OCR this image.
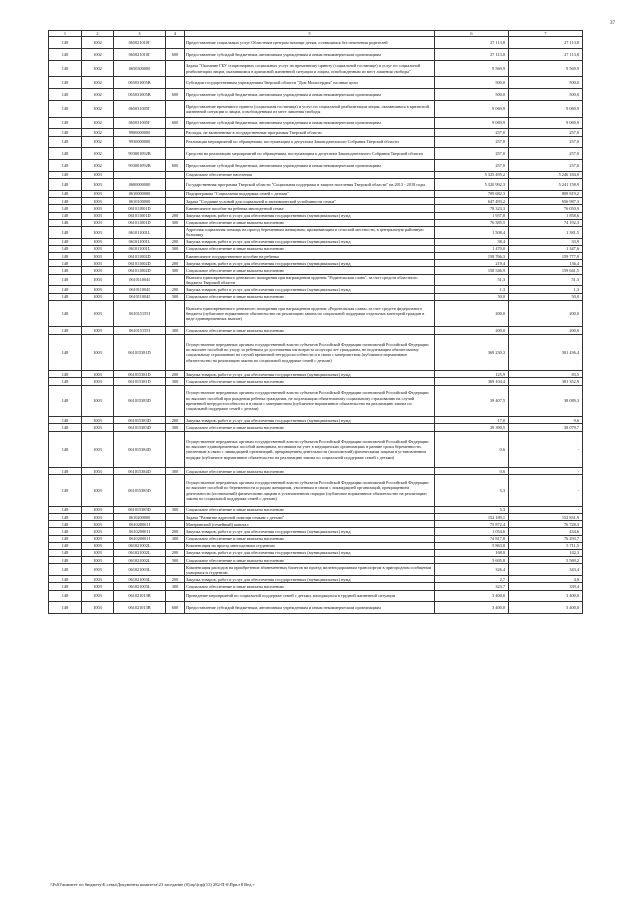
37
1	2	3	4	5	6	7
148	1002	065021010Г		Предоставление социальных услуг Областным центром помощи детям, оставшимся без попечения родителей	27 113,8	27 113,8
148	1002	065021010Г	600	Предоставление субсидий бюджетным, автономным учреждениям и иным некоммерческим организациям	27 113,8	27 113,8
148	1002	0650300000		Задача "Оказание ГБУ стационарных социальных услуг по временному приюту (социальной гостинице) и услуг по социальной реабилитации лицам, оказавшимся в кризисной жизненной ситуации и лицам, освобожденным из мест лишения свободы"	9 569,9	9 569,9
148	1002	065031005В		Субсидии государственным учреждениям Тверской области "Дом Милосердия" на иные цели	500,0	500,0
148	1002	065031005В	600	Предоставление субсидий бюджетным, автономным учреждениям и иным некоммерческим организациям	500,0	500,0
148	1002	065031005Г		Предоставление временного приюта (социальная гостиница) и услуг по социальной реабилитации лицам, оказавшимся в кризисной жизненной ситуации и лицам, освобожденным из мест лишения свободы	9 069,9	9 069,9
148	1002	065031005Г	600	Предоставление субсидий бюджетным, автономным учреждениям и иным некоммерческим организациям	9 069,9	9 069,9
148	1002	9900000000		Расходы, не включенные в государственные программы Тверской области	257,0	257,0
148	1002	9930000000		Реализация мероприятий по обращениям, поступающим к депутатам Законодательного Собрания Тверской области	257,0	257,0
148	1002	993001092В		Средства на реализацию мероприятий по обращениям, поступающим к депутатам Законодательного Собрания Тверской области	257,0	257,0
148	1002	993001092В	600	Предоставление субсидий бюджетным, автономным учреждениям и иным некоммерческим организациям	257,0	257,0
148	1003			Социальное обеспечение населения	5 325 495,2	5 246 184,0
148	1003	0600000000		Государственная программа Тверской области "Социальная поддержка и защита населения Тверской области" на 2013 - 2018 годы	5 320 992,3	5 241 158,9
148	1003	0610000000		Подпрограмма "Социальная поддержка семей с детьми"	709 682,3	809 819,2
148	1003	0610100000		Задача "Создание условий для социальной и экономической устойчивости семьи"	647 493,2	656 987,3
148	1003	061011001D		Ежемесячное пособие на ребенка многодетной семье	78 323,3	76 050,9
148	1003	061011001D	200	Закупка товаров, работ и услуг для обеспечения государственных (муниципальных) нужд	1 937,8	1 858,6
148	1003	061011001D	300	Социальное обеспечение и иные выплаты населению	76 385,5	74 192,3
148	1003	061011001L		Адресная социальная помощь на проезд беременным женщинам, проживающим в сельской местности, в центральную районную больницу	1 508,4	1 381,5
148	1003	061011001L	200	Закупка товаров, работ и услуг для обеспечения государственных (муниципальных) нужд	38,4	33,9
148	1003	061011001L	300	Социальное обеспечение и иные выплаты населению	1 470,0	1 347,6
148	1003	061011002D		Ежемесячное государственное пособие на ребенка	158 766,3	159 777,9
148	1003	061011002D	200	Закупка товаров, работ и услуг для обеспечения государственных (муниципальных) нужд	219,4	136,4
148	1003	061011002D	300	Социальное обеспечение и иные выплаты населению	158 546,9	159 641,5
148	1003	061011004I		Выплата единовременного денежного поощрения при награждении орденом "Родительская слава", за счет средств областного бюджета Тверской области	51,3	51,3
148	1003	061011004I	200	Закупка товаров, работ и услуг для обеспечения государственных (муниципальных) нужд	1,3	1,3
148	1003	061011004I	300	Социальное обеспечение и иные выплаты населению	50,0	50,0
148	1003	061015155I		Выплата единовременного денежного поощрения при награждении орденом «Родительская слава» за счет средств федерального бюджета (публичное нормативное обязательство на реализацию закона по социальной поддержке отдельных категорий граждан в виде единовременных выплат)	200,0	200,0
148	1003	061015155I	300	Социальное обеспечение и иные выплаты населению	200,0	200,0
148	1003	061015381D		Осуществление переданных органам государственной власти субъектов Российской Федерации полномочий Российской Федерации по выплате пособий по уходу за ребенком до достижения им возраста полутора лет гражданам, не подлежащим обязательному социальному страхованию на случай временной нетрудоспособности и в связи с материнством (публичное нормативное обязательство на реализацию закона по социальной поддержке семей с детьми)	369 230,3	381 436,4
148	1003	061015381D	200	Закупка товаров, работ и услуг для обеспечения государственных (муниципальных) нужд	125,9	83,5
148	1003	061015381D	300	Социальное обеспечение и иные выплаты населению	369 104,4	381 352,9
148	1003	061015383D		Осуществление переданных органам государственной власти субъектов Российской Федерации полномочий Российской Федерации по выплате пособий при рождении ребенка гражданам, не подлежащим обязательному социальному страхованию на случай временной нетрудоспособности и в связи с материнством (публичное нормативное обязательство на реализацию закона по социальной поддержке семей с детьми)	39 407,5	38 089,3
148	1003	061015383D	200	Закупка товаров, работ и услуг для обеспечения государственных (муниципальных) нужд	17,0	9,6
148	1003	061015383D	300	Социальное обеспечение и иные выплаты населению	39 390,5	38 079,7
148	1003	061015384D		Осуществление переданных органам государственной власти субъектов Российской Федерации полномочий Российской Федерации по выплате единовременных пособий женщинам, вставшим на учет в медицинских организациях в ранние сроки беременности, уволенным в связи с ликвидацией организаций, прекращением деятельности (полномочий) физическими лицами в установленном порядке (публичное нормативное обязательство на реализацию закона по социальной поддержке семей с детьми)	0,6	-
148	1003	061015384D	300	Социальное обеспечение и иные выплаты населению	0,6	-
148	1003	061015385D		Осуществление переданных органам государственной власти субъектов Российской Федерации полномочий Российской Федерации по выплате пособий по беременности и родам женщинам, уволенным в связи с ликвидацией организаций, прекращением деятельности (полномочий) физическими лицами в установленном порядке (публичное нормативное обязательство на реализацию закона по социальной поддержке семей с детьми)	5,3	-
148	1003	061015385D	300	Социальное обеспечение и иные выплаты населению	5,3	-
148	1003	0610200000		Задача "Развитие адресной помощи семьям с детьми"	152 189,1	152 831,9
148	1003	061020001I		Материнский (семейный) капитал	75 872,4	76 728,3
148	1003	061020001I	200	Закупка товаров, работ и услуг для обеспечения государственных (муниципальных) нужд	1 054,6	434,6
148	1003	061020001I	300	Социальное обеспечение и иные выплаты населению	74 817,8	76 293,7
148	1003	061021002L		Компенсация на проезд многодетным студентам	5 863,8	5 711,5
148	1003	061021002L	200	Закупка товаров, работ и услуг для обеспечения государственных (муниципальных) нужд	168,0	142,3
148	1003	061021002L	300	Социальное обеспечение и иные выплаты населению	5 695,8	5 569,2
148	1003	061021003L		Компенсация расходов на приобретение абонементных билетов на проезд железнодорожным транспортом в пригородном сообщении учащимся и студентам	326,4	343,4
148	1003	061021003L	200	Закупка товаров, работ и услуг для обеспечения государственных (муниципальных) нужд	2,7	4,0
148	1003	061021003L	300	Социальное обеспечение и иные выплаты населению	323,7	339,4
148	1003	061021013В		Проведение мероприятий по социальной поддержке семей с детьми, находящихся в трудной жизненной ситуации	3 400,0	3 400,0
148	1003	061021013В	600	Предоставление субсидий бюджетным, автономным учреждениям и иным некоммерческим организациям	3 400,0	3 400,0
\\Fs01\комитет по бюджету\Б.севы\Документы комитета\23 заседание (б)\пр\(пр)(13) 282-П-б\Прил 8 Вед.+
